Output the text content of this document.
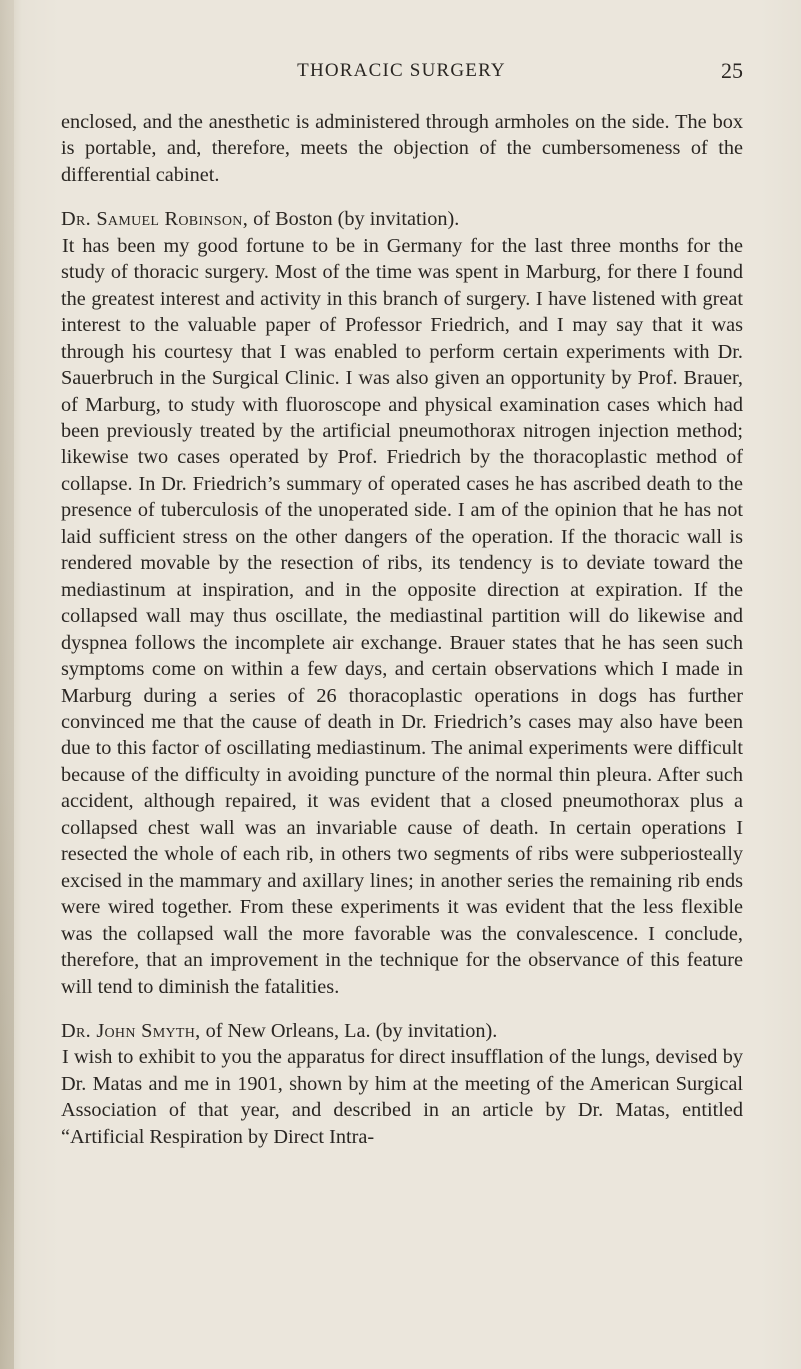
THORACIC SURGERY	25

enclosed, and the anesthetic is administered through armholes on the side. The box is portable, and, therefore, meets the objection of the cumbersomeness of the differential cabinet.

Dr. Samuel Robinson, of Boston (by invitation).

It has been my good fortune to be in Germany for the last three months for the study of thoracic surgery. Most of the time was spent in Marburg, for there I found the greatest interest and activity in this branch of surgery. I have listened with great interest to the valuable paper of Professor Friedrich, and I may say that it was through his courtesy that I was enabled to perform certain experiments with Dr. Sauerbruch in the Surgical Clinic. I was also given an opportunity by Prof. Brauer, of Marburg, to study with fluoroscope and physical examination cases which had been previously treated by the artificial pneumothorax nitrogen injection method; likewise two cases operated by Prof. Friedrich by the thoracoplastic method of collapse. In Dr. Friedrich’s summary of operated cases he has ascribed death to the presence of tuberculosis of the unoperated side. I am of the opinion that he has not laid sufficient stress on the other dangers of the operation. If the thoracic wall is rendered movable by the resection of ribs, its tendency is to deviate toward the mediastinum at inspiration, and in the opposite direction at expiration. If the collapsed wall may thus oscillate, the mediastinal partition will do likewise and dyspnea follows the incomplete air exchange. Brauer states that he has seen such symptoms come on within a few days, and certain observations which I made in Marburg during a series of 26 thoracoplastic operations in dogs has further convinced me that the cause of death in Dr. Friedrich’s cases may also have been due to this factor of oscillating mediastinum. The animal experiments were difficult because of the difficulty in avoiding puncture of the normal thin pleura. After such accident, although repaired, it was evident that a closed pneumothorax plus a collapsed chest wall was an invariable cause of death. In certain operations I resected the whole of each rib, in others two segments of ribs were subperiosteally excised in the mammary and axillary lines; in another series the remaining rib ends were wired together. From these experiments it was evident that the less flexible was the collapsed wall the more favorable was the convalescence. I conclude, therefore, that an improvement in the technique for the observance of this feature will tend to diminish the fatalities.

Dr. John Smyth, of New Orleans, La. (by invitation).

I wish to exhibit to you the apparatus for direct insufflation of the lungs, devised by Dr. Matas and me in 1901, shown by him at the meeting of the American Surgical Association of that year, and described in an article by Dr. Matas, entitled “Artificial Respiration by Direct Intra-
